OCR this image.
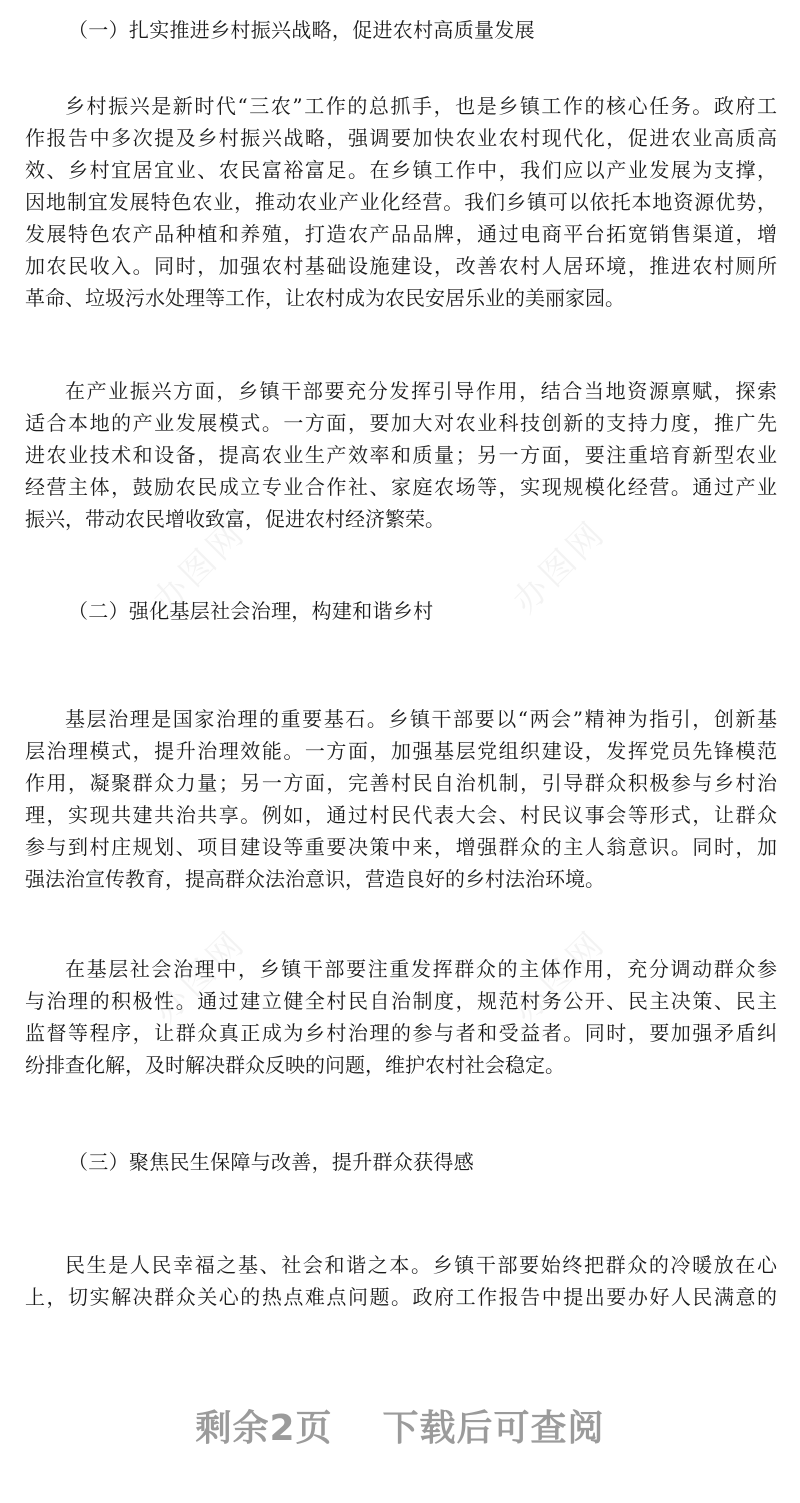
办图网	办图网
办图网	办图网
（一）扎实推进乡村振兴战略，促进农村高质量发展
乡村振兴是新时代“三农”工作的总抓手，也是乡镇工作的核心任务。政府工
作报告中多次提及乡村振兴战略，强调要加快农业农村现代化，促进农业高质高
效、乡村宜居宜业、农民富裕富足。在乡镇工作中，我们应以产业发展为支撑，
因地制宜发展特色农业，推动农业产业化经营。我们乡镇可以依托本地资源优势，
发展特色农产品种植和养殖，打造农产品品牌，通过电商平台拓宽销售渠道，增
加农民收入。同时，加强农村基础设施建设，改善农村人居环境，推进农村厕所
革命、垃圾污水处理等工作，让农村成为农民安居乐业的美丽家园。
在产业振兴方面，乡镇干部要充分发挥引导作用，结合当地资源禀赋，探索
适合本地的产业发展模式。一方面，要加大对农业科技创新的支持力度，推广先
进农业技术和设备，提高农业生产效率和质量；另一方面，要注重培育新型农业
经营主体，鼓励农民成立专业合作社、家庭农场等，实现规模化经营。通过产业
振兴，带动农民增收致富，促进农村经济繁荣。
（二）强化基层社会治理，构建和谐乡村
基层治理是国家治理的重要基石。乡镇干部要以“两会”精神为指引，创新基
层治理模式，提升治理效能。一方面，加强基层党组织建设，发挥党员先锋模范
作用，凝聚群众力量；另一方面，完善村民自治机制，引导群众积极参与乡村治
理，实现共建共治共享。例如，通过村民代表大会、村民议事会等形式，让群众
参与到村庄规划、项目建设等重要决策中来，增强群众的主人翁意识。同时，加
强法治宣传教育，提高群众法治意识，营造良好的乡村法治环境。
在基层社会治理中，乡镇干部要注重发挥群众的主体作用，充分调动群众参
与治理的积极性。通过建立健全村民自治制度，规范村务公开、民主决策、民主
监督等程序，让群众真正成为乡村治理的参与者和受益者。同时，要加强矛盾纠
纷排查化解，及时解决群众反映的问题，维护农村社会稳定。
（三）聚焦民生保障与改善，提升群众获得感
民生是人民幸福之基、社会和谐之本。乡镇干部要始终把群众的冷暖放在心
上，切实解决群众关心的热点难点问题。政府工作报告中提出要办好人民满意的
剩余2页 下载后可查阅
